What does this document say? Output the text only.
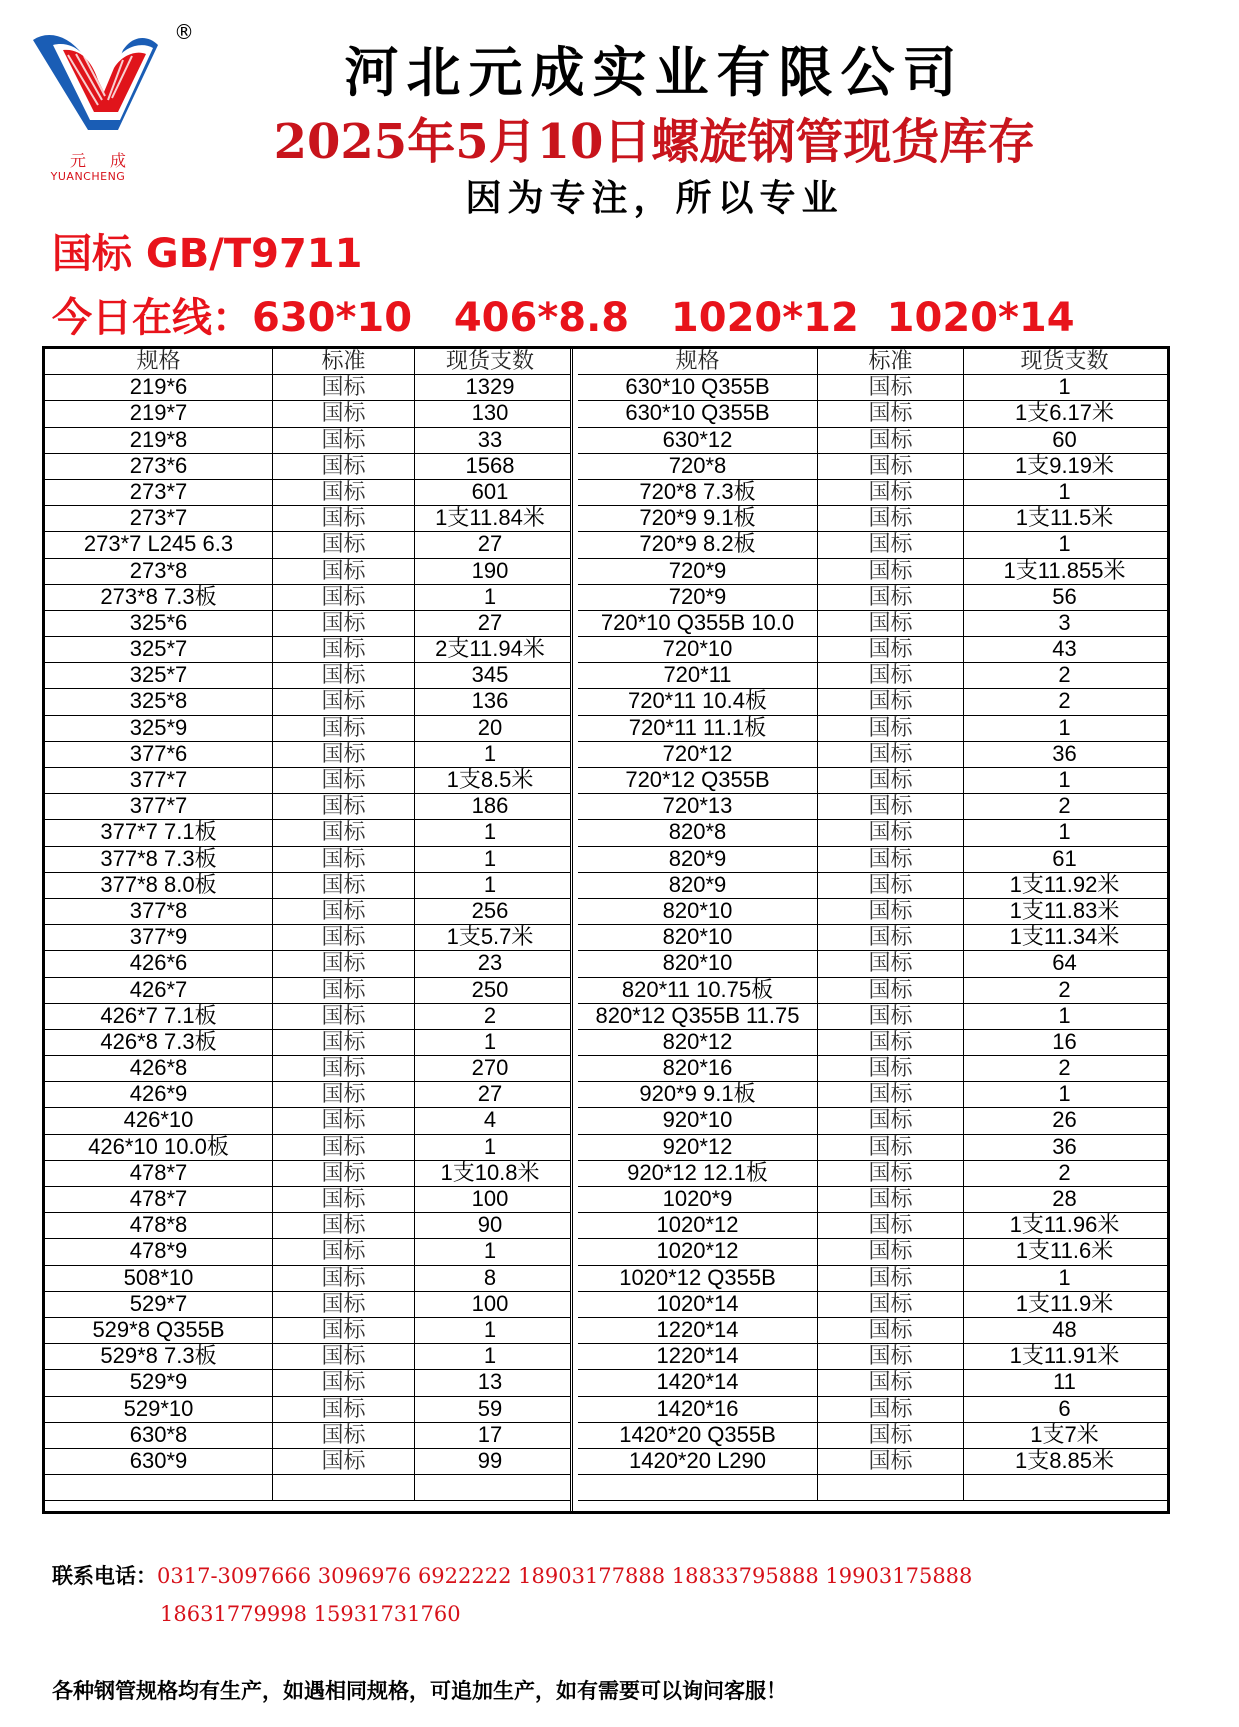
®
元成
YUANCHENG
河北元成实业有限公司
2025年5月10日螺旋钢管现货库存
因为专注，所以专业
国标 GB/T9711
今日在线：630*10   406*8.8   1020*12  1020*14
规格	标准	现货支数
219*6	国标	1329
219*7	国标	130
219*8	国标	33
273*6	国标	1568
273*7	国标	601
273*7	国标	1支11.84米
273*7 L245 6.3	国标	27
273*8	国标	190
273*8 7.3板	国标	1
325*6	国标	27
325*7	国标	2支11.94米
325*7	国标	345
325*8	国标	136
325*9	国标	20
377*6	国标	1
377*7	国标	1支8.5米
377*7	国标	186
377*7 7.1板	国标	1
377*8 7.3板	国标	1
377*8 8.0板	国标	1
377*8	国标	256
377*9	国标	1支5.7米
426*6	国标	23
426*7	国标	250
426*7 7.1板	国标	2
426*8 7.3板	国标	1
426*8	国标	270
426*9	国标	27
426*10	国标	4
426*10 10.0板	国标	1
478*7	国标	1支10.8米
478*7	国标	100
478*8	国标	90
478*9	国标	1
508*10	国标	8
529*7	国标	100
529*8 Q355B	国标	1
529*8 7.3板	国标	1
529*9	国标	13
529*10	国标	59
630*8	国标	17
630*9	国标	99
规格	标准	现货支数
630*10 Q355B	国标	1
630*10 Q355B	国标	1支6.17米
630*12	国标	60
720*8	国标	1支9.19米
720*8 7.3板	国标	1
720*9 9.1板	国标	1支11.5米
720*9 8.2板	国标	1
720*9	国标	1支11.855米
720*9	国标	56
720*10 Q355B 10.0	国标	3
720*10	国标	43
720*11	国标	2
720*11 10.4板	国标	2
720*11 11.1板	国标	1
720*12	国标	36
720*12 Q355B	国标	1
720*13	国标	2
820*8	国标	1
820*9	国标	61
820*9	国标	1支11.92米
820*10	国标	1支11.83米
820*10	国标	1支11.34米
820*10	国标	64
820*11 10.75板	国标	2
820*12 Q355B 11.75	国标	1
820*12	国标	16
820*16	国标	2
920*9 9.1板	国标	1
920*10	国标	26
920*12	国标	36
920*12 12.1板	国标	2
1020*9	国标	28
1020*12	国标	1支11.96米
1020*12	国标	1支11.6米
1020*12 Q355B	国标	1
1020*14	国标	1支11.9米
1220*14	国标	48
1220*14	国标	1支11.91米
1420*14	国标	11
1420*16	国标	6
1420*20 Q355B	国标	1支7米
1420*20 L290	国标	1支8.85米
联系电话：0317-3097666 3096976 6922222 18903177888 18833795888 19903175888
18631779998 15931731760
各种钢管规格均有生产，如遇相同规格，可追加生产，如有需要可以询问客服！
